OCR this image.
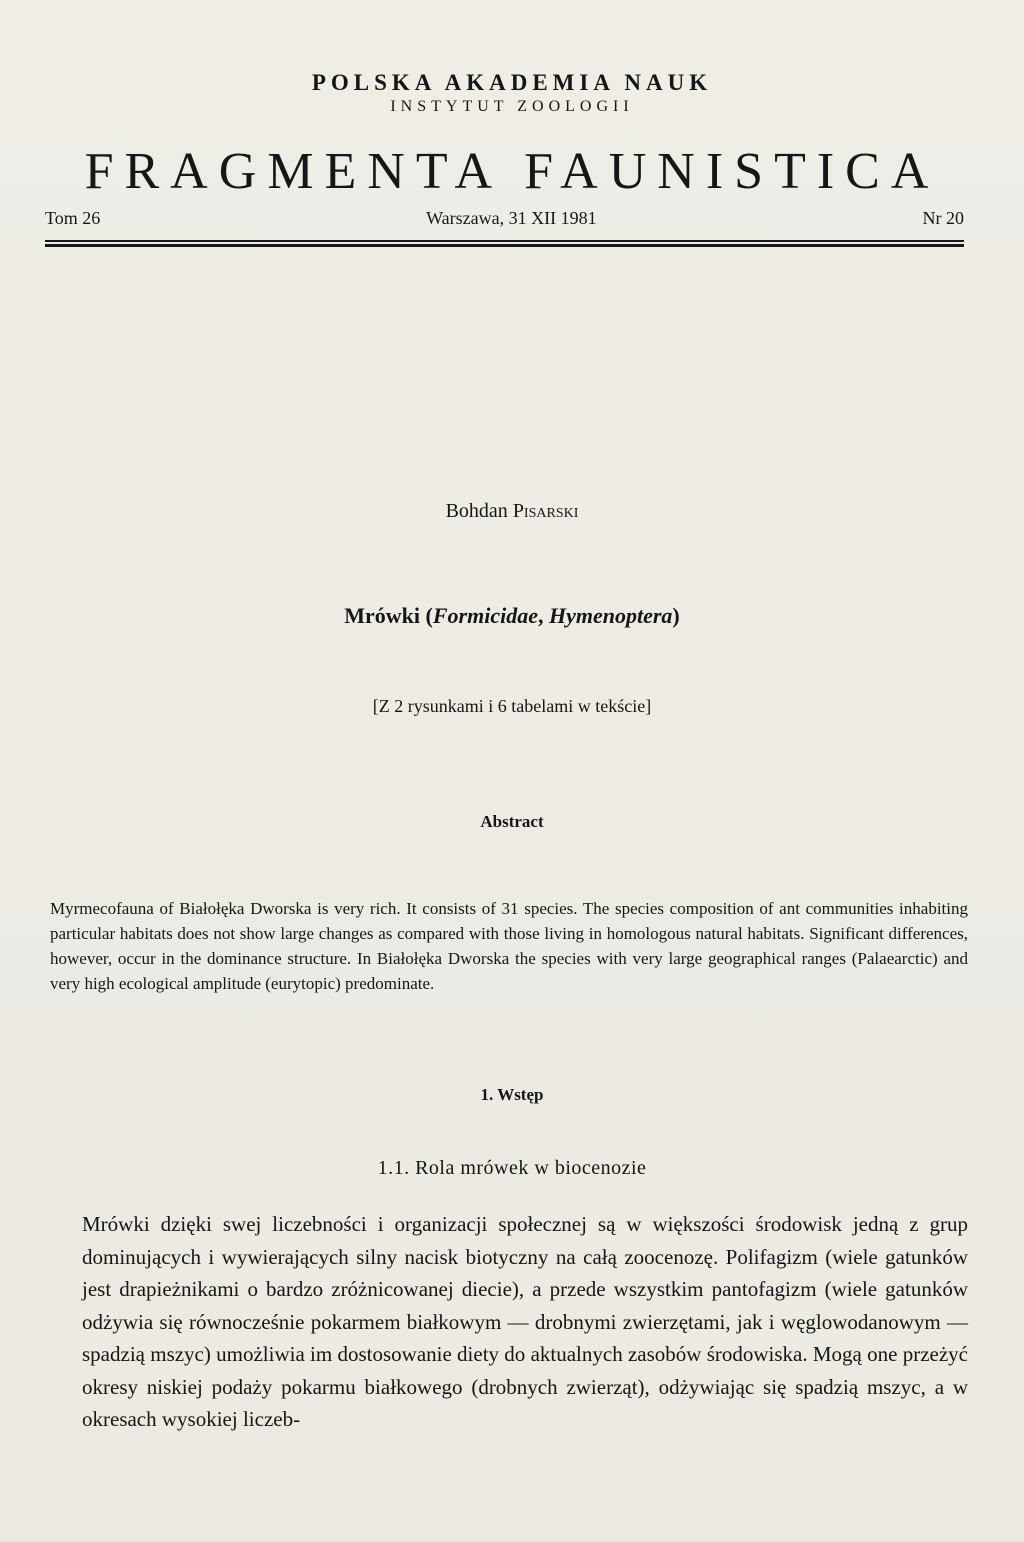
POLSKA AKADEMIA NAUK
INSTYTUT ZOOLOGII
FRAGMENTA FAUNISTICA
Tom 26	Warszawa, 31 XII 1981	Nr 20
Bohdan Pisarski
Mrówki (Formicidae, Hymenoptera)
[Z 2 rysunkami i 6 tabelami w tekście]
Abstract
Myrmecofauna of Białołęka Dworska is very rich. It consists of 31 species. The species composition of ant communities inhabiting particular habitats does not show large changes as compared with those living in homologous natural habitats. Significant differences, however, occur in the dominance structure. In Białołęka Dworska the species with very large geographical ranges (Palaearctic) and very high ecological amplitude (eurytopic) predominate.
1. Wstęp
1.1. Rola mrówek w biocenozie

Mrówki dzięki swej liczebności i organizacji społecznej są w większości środowisk jedną z grup dominujących i wywierających silny nacisk biotyczny na całą zoocenozę. Polifagizm (wiele gatunków jest drapieżnikami o bardzo zróżnicowanej diecie), a przede wszystkim pantofagizm (wiele gatunków odżywia się równocześnie pokarmem białkowym — drobnymi zwierzętami, jak i węglowodanowym — spadzią mszyc) umożliwia im dostosowanie diety do aktualnych zasobów środowiska. Mogą one przeżyć okresy niskiej podaży pokarmu białkowego (drobnych zwierząt), odżywiając się spadzią mszyc, a w okresach wysokiej liczeb-
